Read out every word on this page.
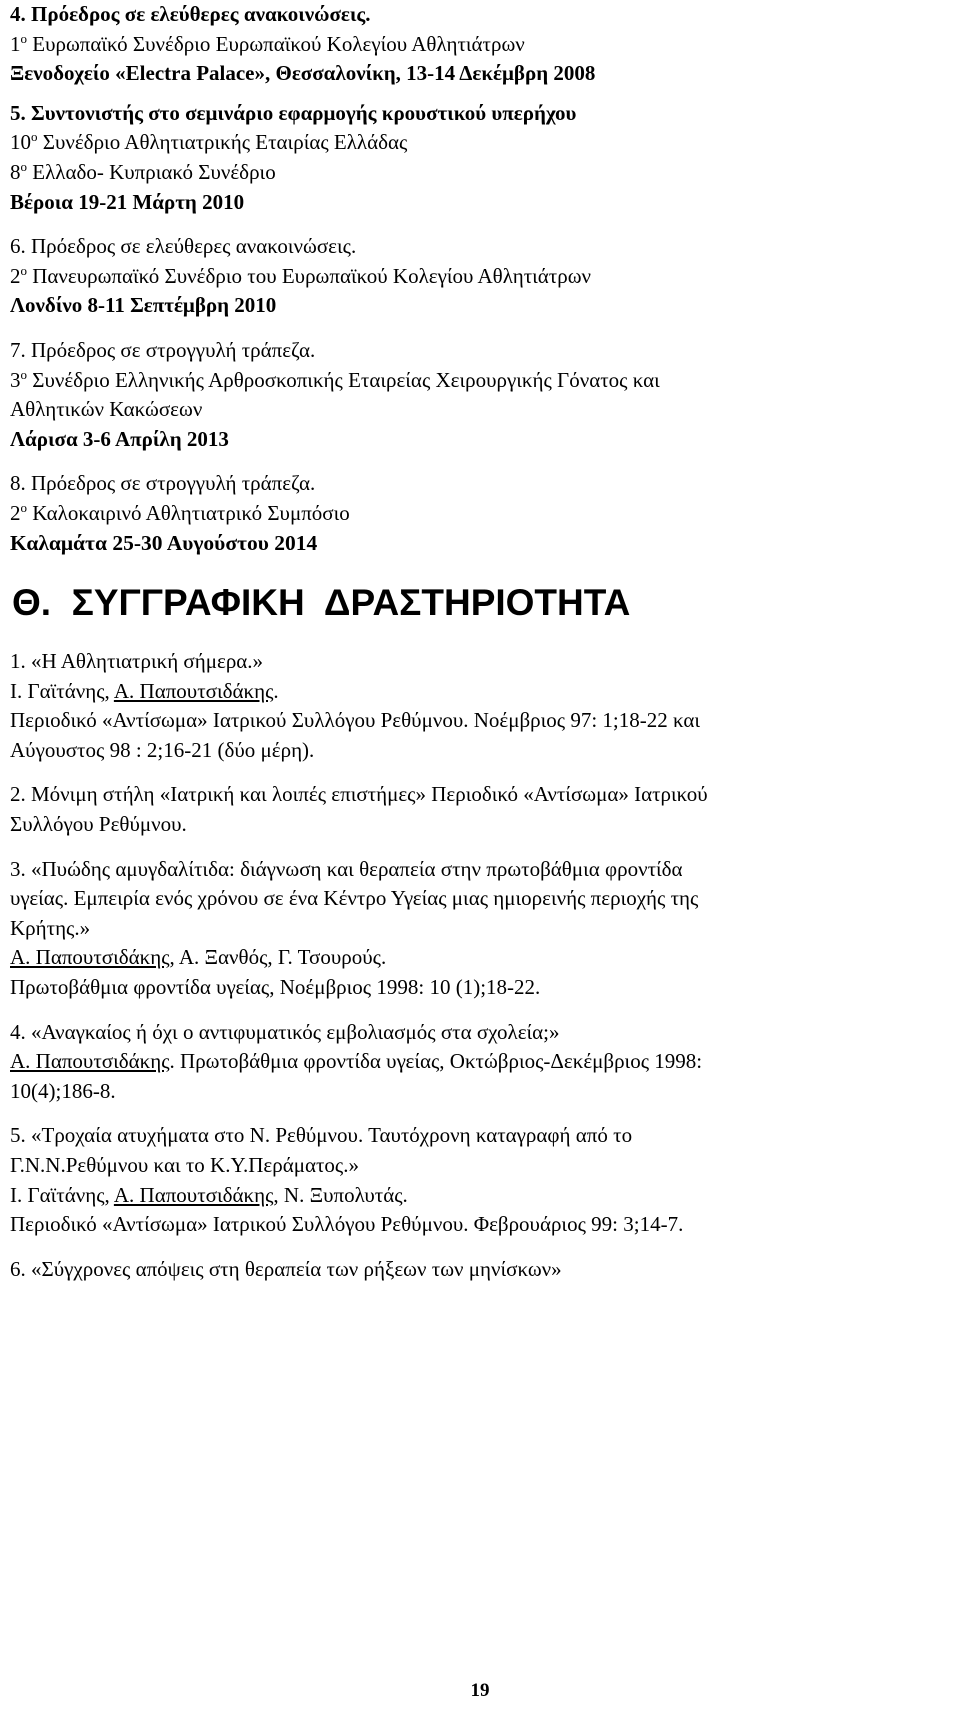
4. Πρόεδρος σε ελεύθερες ανακοινώσεις.
$1^o$ Ευρωπαϊκό Συνέδριο Ευρωπαϊκού Κολεγίου Αθλητιάτρων
Ξενοδοχείο «Electra Palace», Θεσσαλονίκη, 13-14 Δεκέμβρη 2008
5. Συντονιστής στο σεμινάριο εφαρμογής κρουστικού υπερήχου
$10^o$ Συνέδριο Αθλητιατρικής Εταιρίας Ελλάδας
$8^o$ Ελλαδο- Κυπριακό Συνέδριο
Βέροια 19-21 Μάρτη 2010
6. Πρόεδρος σε ελεύθερες ανακοινώσεις.
$2^o$ Πανευρωπαϊκό Συνέδριο του Ευρωπαϊκού Κολεγίου Αθλητιάτρων
Λονδίνο 8-11 Σεπτέμβρη 2010
7. Πρόεδρος σε στρογγυλή τράπεζα.
$3^o$ Συνέδριο Ελληνικής Αρθροσκοπικής Εταιρείας Χειρουργικής Γόνατος και
Αθλητικών Κακώσεων
Λάρισα 3-6 Απρίλη 2013
8. Πρόεδρος σε στρογγυλή τράπεζα.
$2^o$ Καλοκαιρινό Αθλητιατρικό Συμπόσιο
Καλαμάτα 25-30 Αυγούστου 2014
Θ.  ΣΥΓΓΡΑΦΙΚΗ  ΔΡΑΣΤΗΡΙΟΤΗΤΑ
1. «Η Αθλητιατρική σήμερα.»
Ι. Γαϊτάνης, Α. Παπουτσιδάκης.
Περιοδικό «Αντίσωμα» Ιατρικού Συλλόγου Ρεθύμνου. Νοέμβριος 97: 1;18-22 και
Αύγουστος 98 : 2;16-21 (δύο μέρη).
2. Μόνιμη στήλη «Ιατρική και λοιπές επιστήμες» Περιοδικό «Αντίσωμα» Ιατρικού
Συλλόγου Ρεθύμνου.
3. «Πυώδης αμυγδαλίτιδα: διάγνωση και θεραπεία στην πρωτοβάθμια φροντίδα
υγείας. Εμπειρία ενός χρόνου σε ένα Κέντρο Υγείας μιας ημιορεινής περιοχής της
Κρήτης.»
Α. Παπουτσιδάκης, Α. Ξανθός, Γ. Τσουρούς.
Πρωτοβάθμια φροντίδα υγείας, Νοέμβριος 1998: 10 (1);18-22.
4. «Αναγκαίος ή όχι ο αντιφυματικός εμβολιασμός στα σχολεία;»
Α. Παπουτσιδάκης. Πρωτοβάθμια φροντίδα υγείας, Οκτώβριος-Δεκέμβριος 1998:
10(4);186-8.
5. «Τροχαία ατυχήματα στο Ν. Ρεθύμνου. Ταυτόχρονη καταγραφή από το
Γ.Ν.Ν.Ρεθύμνου και το Κ.Υ.Περάματος.»
Ι. Γαϊτάνης, Α. Παπουτσιδάκης, Ν. Ξυπολυτάς.
Περιοδικό «Αντίσωμα» Ιατρικού Συλλόγου Ρεθύμνου. Φεβρουάριος 99: 3;14-7.
6. «Σύγχρονες απόψεις στη θεραπεία των ρήξεων των μηνίσκων»
19
